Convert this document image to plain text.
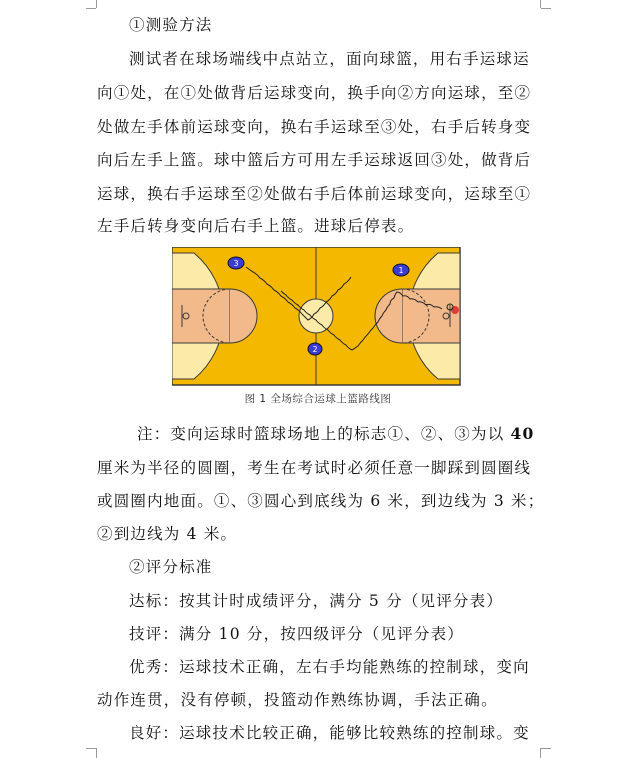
①测验方法
测试者在球场端线中点站立，面向球篮，用右手运球运
向①处，在①处做背后运球变向，换手向②方向运球，至②
处做左手体前运球变向，换右手运球至③处，右手后转身变
向后左手上篮。球中篮后方可用左手运球返回③处，做背后
运球，换右手运球至②处做右手后体前运球变向，运球至①
左手后转身变向后右手上篮。进球后停表。
3
1
2
图 1 全场综合运球上篮路线图
注：变向运球时篮球场地上的标志①、②、③为以 40
厘米为半径的圆圈，考生在考试时必须任意一脚踩到圆圈线
或圆圈内地面。①、③圆心到底线为 6 米，到边线为 3 米；
②到边线为 4 米。
②评分标准
达标：按其计时成绩评分，满分 5 分（见评分表）
技评：满分 10 分，按四级评分（见评分表）
优秀：运球技术正确，左右手均能熟练的控制球，变向
动作连贯，没有停顿，投篮动作熟练协调，手法正确。
良好：运球技术比较正确，能够比较熟练的控制球。变
